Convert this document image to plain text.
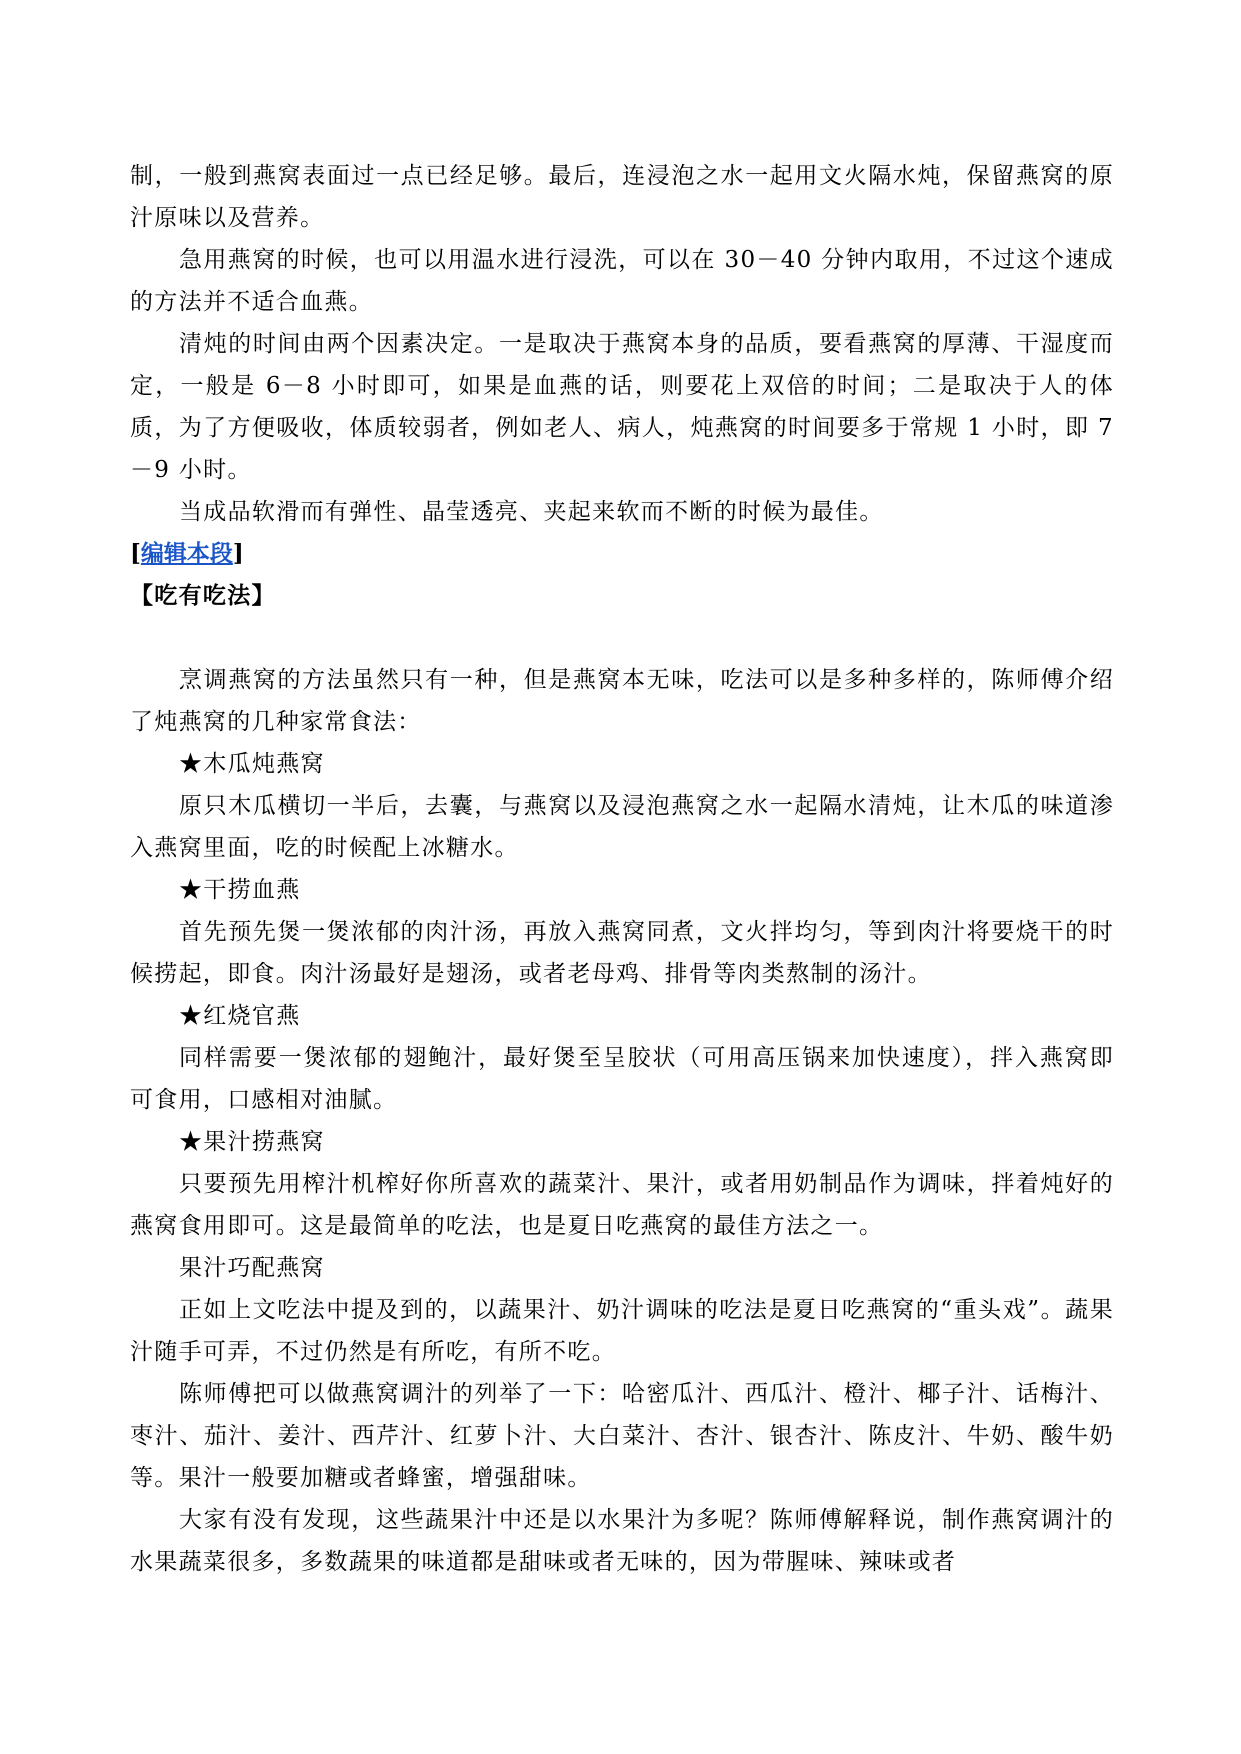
制，一般到燕窝表面过一点已经足够。最后，连浸泡之水一起用文火隔水炖，保留燕窝的原汁原味以及营养。

急用燕窝的时候，也可以用温水进行浸洗，可以在 30－40 分钟内取用，不过这个速成的方法并不适合血燕。

清炖的时间由两个因素决定。一是取决于燕窝本身的品质，要看燕窝的厚薄、干湿度而定，一般是 6－8 小时即可，如果是血燕的话，则要花上双倍的时间；二是取决于人的体质，为了方便吸收，体质较弱者，例如老人、病人，炖燕窝的时间要多于常规 1 小时，即 7－9 小时。

当成品软滑而有弹性、晶莹透亮、夹起来软而不断的时候为最佳。

[编辑本段]

【吃有吃法】

烹调燕窝的方法虽然只有一种，但是燕窝本无味，吃法可以是多种多样的，陈师傅介绍了炖燕窝的几种家常食法：

★木瓜炖燕窝

原只木瓜横切一半后，去囊，与燕窝以及浸泡燕窝之水一起隔水清炖，让木瓜的味道渗入燕窝里面，吃的时候配上冰糖水。

★干捞血燕

首先预先煲一煲浓郁的肉汁汤，再放入燕窝同煮，文火拌均匀，等到肉汁将要烧干的时候捞起，即食。肉汁汤最好是翅汤，或者老母鸡、排骨等肉类熬制的汤汁。

★红烧官燕

同样需要一煲浓郁的翅鲍汁，最好煲至呈胶状（可用高压锅来加快速度），拌入燕窝即可食用，口感相对油腻。

★果汁捞燕窝

只要预先用榨汁机榨好你所喜欢的蔬菜汁、果汁，或者用奶制品作为调味，拌着炖好的燕窝食用即可。这是最简单的吃法，也是夏日吃燕窝的最佳方法之一。

果汁巧配燕窝

正如上文吃法中提及到的，以蔬果汁、奶汁调味的吃法是夏日吃燕窝的“重头戏”。蔬果汁随手可弄，不过仍然是有所吃，有所不吃。

陈师傅把可以做燕窝调汁的列举了一下：哈密瓜汁、西瓜汁、橙汁、椰子汁、话梅汁、枣汁、茄汁、姜汁、西芹汁、红萝卜汁、大白菜汁、杏汁、银杏汁、陈皮汁、牛奶、酸牛奶等。果汁一般要加糖或者蜂蜜，增强甜味。

大家有没有发现，这些蔬果汁中还是以水果汁为多呢？陈师傅解释说，制作燕窝调汁的水果蔬菜很多，多数蔬果的味道都是甜味或者无味的，因为带腥味、辣味或者
